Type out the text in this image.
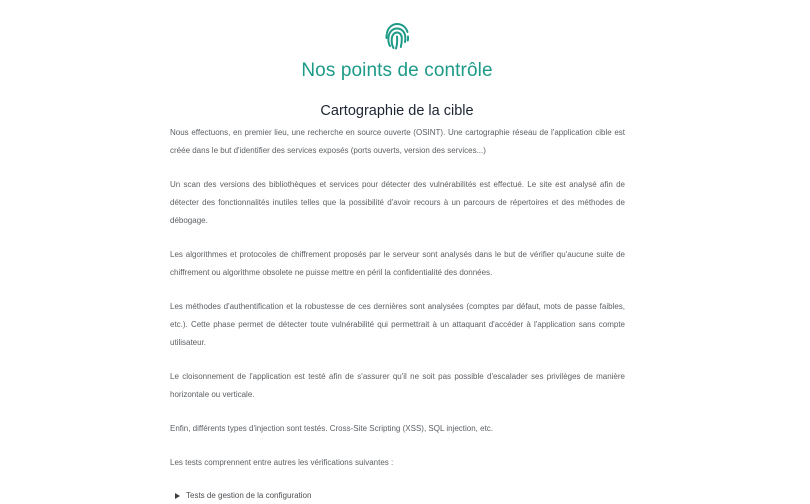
Nos points de contrôle
Cartographie de la cible

Nous effectuons, en premier lieu, une recherche en source ouverte (OSINT). Une cartographie réseau de l'application cible est créée dans le but d'identifier des services exposés (ports ouverts, version des services...)

Un scan des versions des bibliothèques et services pour détecter des vulnérabilités est effectué. Le site est analysé afin de détecter des fonctionnalités inutiles telles que la possibilité d'avoir recours à un parcours de répertoires et des méthodes de débogage.

Les algorithmes et protocoles de chiffrement proposés par le serveur sont analysés dans le but de vérifier qu'aucune suite de chiffrement ou algorithme obsolete ne puisse mettre en péril la confidentialité des données.

Les méthodes d'authentification et la robustesse de ces dernières sont analysées (comptes par défaut, mots de passe faibles, etc.). Cette phase permet de détecter toute vulnérabilité qui permettrait à un attaquant d'accéder à l'application sans compte utilisateur.

Le cloisonnement de l'application est testé afin de s'assurer qu'il ne soit pas possible d'escalader ses privilèges de manière horizontale ou verticale.

Enfin, différents types d'injection sont testés. Cross-Site Scripting (XSS), SQL injection, etc.

Les tests comprennent entre autres les vérifications suivantes :

Tests de gestion de la configuration
